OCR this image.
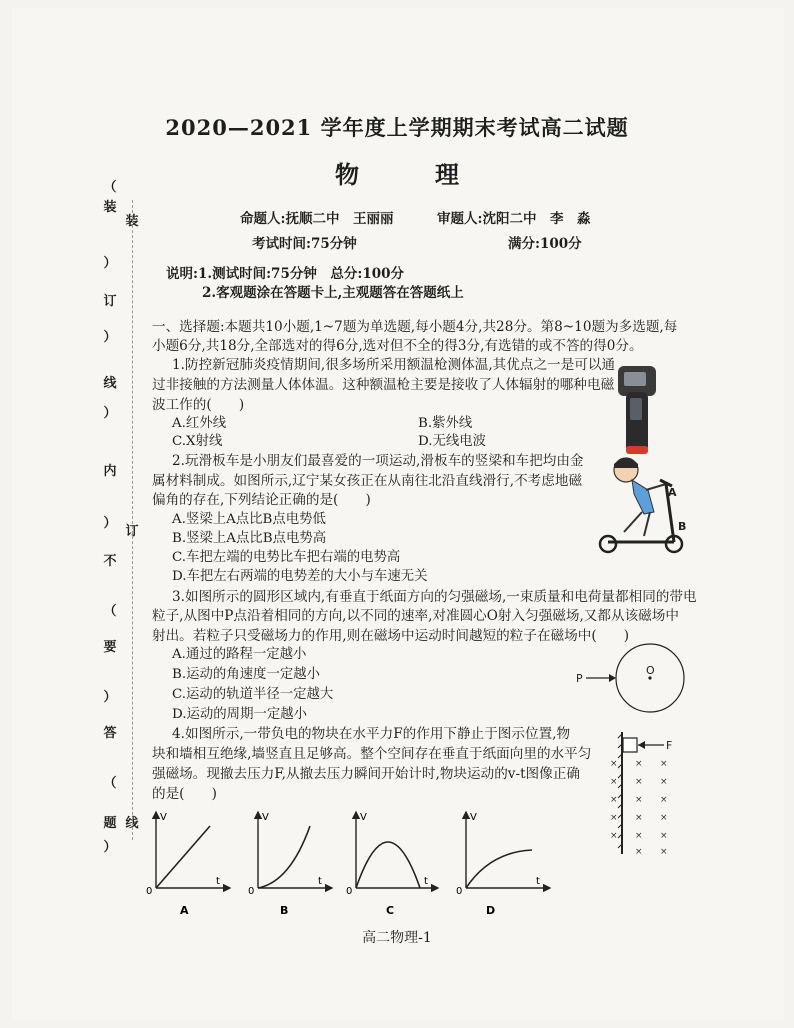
2020—2021 学年度上学期期末考试高二试题
物　理
命题人:抚顺二中　王丽丽	审题人:沈阳二中　李　淼
考试时间:75分钟	满分:100分
说明:1.测试时间:75分钟　总分:100分
2.客观题涂在答题卡上,主观题答在答题纸上
（
装
）
订
）
线
）
内
）
不
（
要
）
答
（
题
）
装
订
线

一、选择题:本题共10小题,1~7题为单选题,每小题4分,共28分。第8~10题为多选题,每

小题6分,共18分,全部选对的得6分,选对但不全的得3分,有选错的或不答的得0分。

1.防控新冠肺炎疫情期间,很多场所采用额温枪测体温,其优点之一是可以通

过非接触的方法测量人体体温。这种额温枪主要是接收了人体辐射的哪种电磁

波工作的(　　)

A.红外线	B.紫外线
C.X射线	D.无线电波

2.玩滑板车是小朋友们最喜爱的一项运动,滑板车的竖梁和车把均由金

属材料制成。如图所示,辽宁某女孩正在从南往北沿直线滑行,不考虑地磁

偏角的存在,下列结论正确的是(　　)

A.竖梁上A点比B点电势低
B.竖梁上A点比B点电势高
C.车把左端的电势比车把右端的电势高
D.车把左右两端的电势差的大小与车速无关
A
B

3.如图所示的圆形区域内,有垂直于纸面方向的匀强磁场,一束质量和电荷量都相同的带电

粒子,从图中P点沿着相同的方向,以不同的速率,对准圆心O射入匀强磁场,又都从该磁场中

射出。若粒子只受磁场力的作用,则在磁场中运动时间越短的粒子在磁场中(　　)

A.通过的路程一定越小
B.运动的角速度一定越小
C.运动的轨道半径一定越大
D.运动的周期一定越小
P
O

4.如图所示,一带负电的物块在水平力F的作用下静止于图示位置,物

块和墙相互绝缘,墙竖直且足够高。整个空间存在垂直于纸面向里的水平匀

强磁场。现撤去压力F,从撤去压力瞬间开始计时,物块运动的v-t图像正确

的是(　　)

F
× × ×
× × ×
× × ×
× × ×
× × ×
× ×
V
t
0
A
V
t
0
B
V
t
0
C
V
t
0
D
高二物理-1
